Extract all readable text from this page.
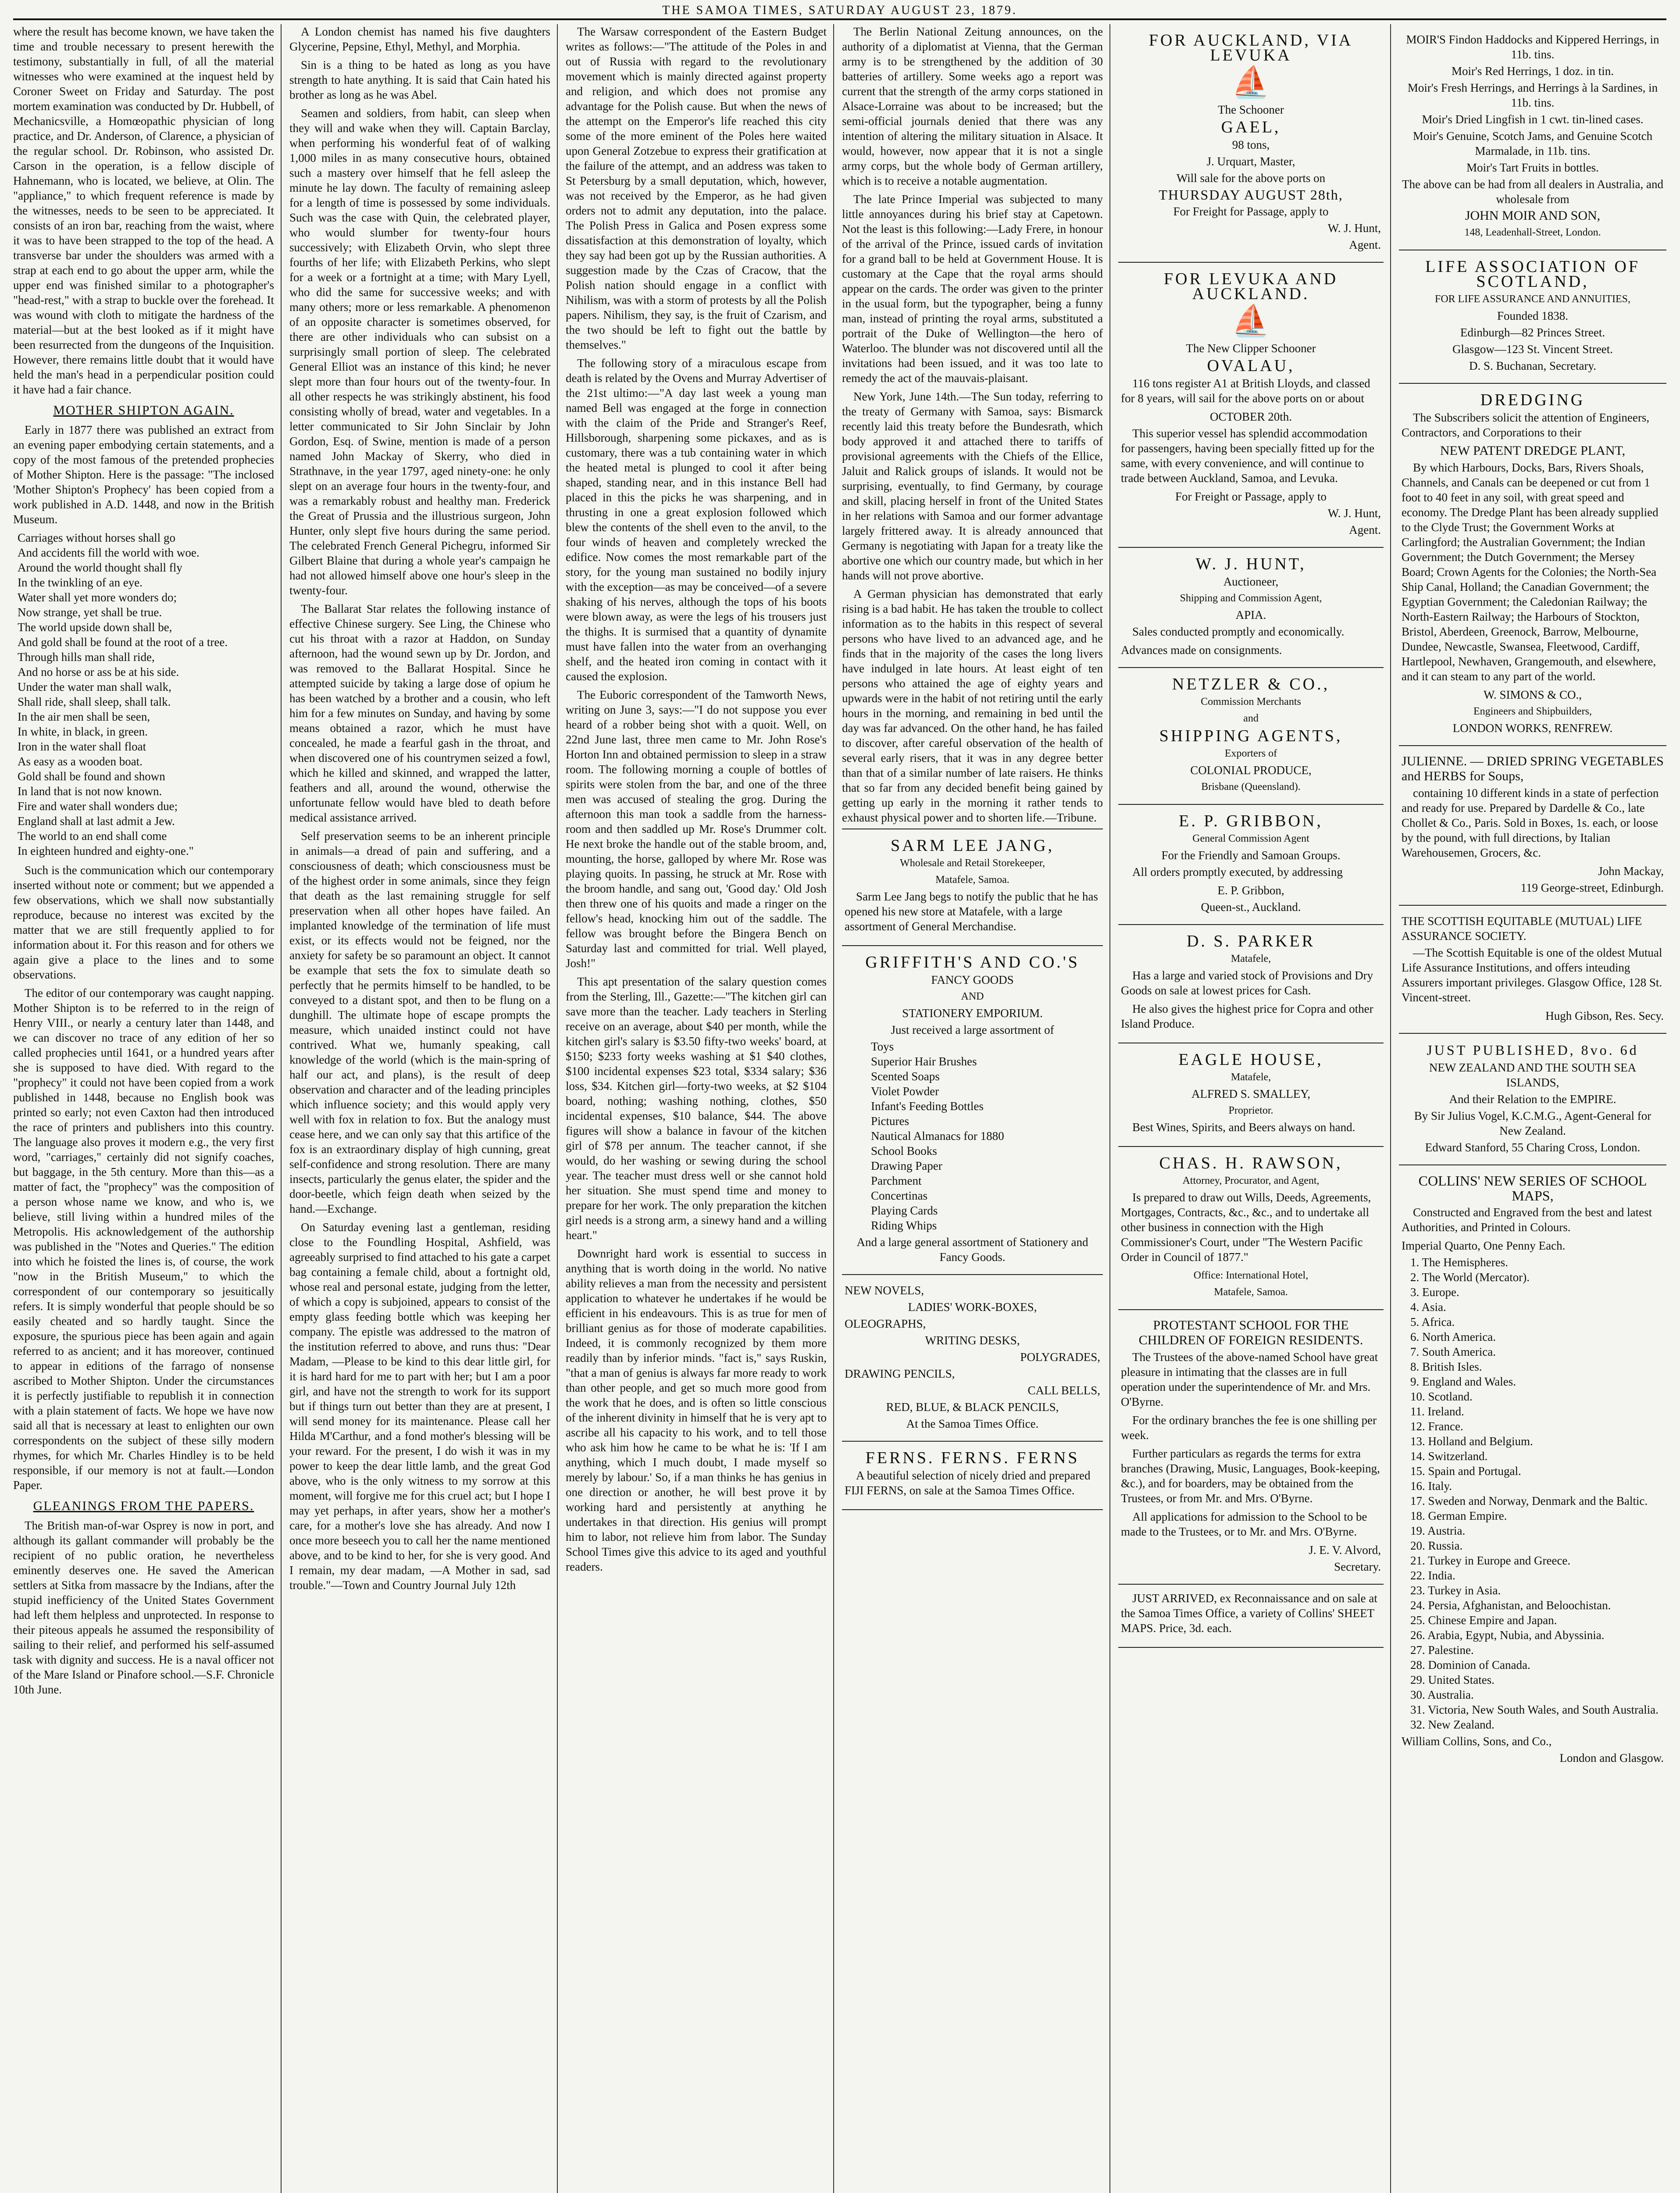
THE SAMOA TIMES, SATURDAY AUGUST 23, 1879.

where the result has become known, we have taken the time and trouble necessary to present herewith the testimony, substantially in full, of all the material witnesses who were examined at the inquest held by Coroner Sweet on Friday and Saturday. The post mortem examination was conducted by Dr. Hubbell, of Mechanicsville, a Homœopathic physician of long practice, and Dr. Anderson, of Clarence, a physician of the regular school. Dr. Robinson, who assisted Dr. Carson in the operation, is a fellow disciple of Hahnemann, who is located, we believe, at Olin. The "appliance," to which frequent reference is made by the witnesses, needs to be seen to be appreciated. It consists of an iron bar, reaching from the waist, where it was to have been strapped to the top of the head. A transverse bar under the shoulders was armed with a strap at each end to go about the upper arm, while the upper end was finished similar to a photographer's "head-rest," with a strap to buckle over the forehead. It was wound with cloth to mitigate the hardness of the material—but at the best looked as if it might have been resurrected from the dungeons of the Inquisition. However, there remains little doubt that it would have held the man's head in a perpendicular position could it have had a fair chance.

MOTHER SHIPTON AGAIN.

Early in 1877 there was published an extract from an evening paper embodying certain statements, and a copy of the most famous of the pretended prophecies of Mother Shipton. Here is the passage: "The inclosed 'Mother Shipton's Prophecy' has been copied from a work published in A.D. 1448, and now in the British Museum.

Carriages without horses shall go
And accidents fill the world with woe.
Around the world thought shall fly
In the twinkling of an eye.
Water shall yet more wonders do;
Now strange, yet shall be true.
The world upside down shall be,
And gold shall be found at the root of a tree.
Through hills man shall ride,
And no horse or ass be at his side.
Under the water man shall walk,
Shall ride, shall sleep, shall talk.
In the air men shall be seen,
In white, in black, in green.
Iron in the water shall float
As easy as a wooden boat.
Gold shall be found and shown
In land that is not now known.
Fire and water shall wonders due;
England shall at last admit a Jew.
The world to an end shall come
In eighteen hundred and eighty-one."

Such is the communication which our contemporary inserted without note or comment; but we appended a few observations, which we shall now substantially reproduce, because no interest was excited by the matter that we are still frequently applied to for information about it. For this reason and for others we again give a place to the lines and to some observations.

The editor of our contemporary was caught napping. Mother Shipton is to be referred to in the reign of Henry VIII., or nearly a century later than 1448, and we can discover no trace of any edition of her so called prophecies until 1641, or a hundred years after she is supposed to have died. With regard to the "prophecy" it could not have been copied from a work published in 1448, because no English book was printed so early; not even Caxton had then introduced the race of printers and publishers into this country. The language also proves it modern e.g., the very first word, "carriages," certainly did not signify coaches, but baggage, in the 5th century. More than this—as a matter of fact, the "prophecy" was the composition of a person whose name we know, and who is, we believe, still living within a hundred miles of the Metropolis. His acknowledgement of the authorship was published in the "Notes and Queries." The edition into which he foisted the lines is, of course, the work "now in the British Museum," to which the correspondent of our contemporary so jesuitically refers. It is simply wonderful that people should be so easily cheated and so hardly taught. Since the exposure, the spurious piece has been again and again referred to as ancient; and it has moreover, continued to appear in editions of the farrago of nonsense ascribed to Mother Shipton. Under the circumstances it is perfectly justifiable to republish it in connection with a plain statement of facts. We hope we have now said all that is necessary at least to enlighten our own correspondents on the subject of these silly modern rhymes, for which Mr. Charles Hindley is to be held responsible, if our memory is not at fault.—London Paper.

GLEANINGS FROM THE PAPERS.

The British man-of-war Osprey is now in port, and although its gallant commander will probably be the recipient of no public oration, he nevertheless eminently deserves one. He saved the American settlers at Sitka from massacre by the Indians, after the stupid inefficiency of the United States Government had left them helpless and unprotected. In response to their piteous appeals he assumed the responsibility of sailing to their relief, and performed his self-assumed task with dignity and success. He is a naval officer not of the Mare Island or Pinafore school.—S.F. Chronicle 10th June.

A London chemist has named his five daughters Glycerine, Pepsine, Ethyl, Methyl, and Morphia.

Sin is a thing to be hated as long as you have strength to hate anything. It is said that Cain hated his brother as long as he was Abel.

Seamen and soldiers, from habit, can sleep when they will and wake when they will. Captain Barclay, when performing his wonderful feat of of walking 1,000 miles in as many consecutive hours, obtained such a mastery over himself that he fell asleep the minute he lay down. The faculty of remaining asleep for a length of time is possessed by some individuals. Such was the case with Quin, the celebrated player, who would slumber for twenty-four hours successively; with Elizabeth Orvin, who slept three fourths of her life; with Elizabeth Perkins, who slept for a week or a fortnight at a time; with Mary Lyell, who did the same for successive weeks; and with many others; more or less remarkable. A phenomenon of an opposite character is sometimes observed, for there are other individuals who can subsist on a surprisingly small portion of sleep. The celebrated General Elliot was an instance of this kind; he never slept more than four hours out of the twenty-four. In all other respects he was strikingly abstinent, his food consisting wholly of bread, water and vegetables. In a letter communicated to Sir John Sinclair by John Gordon, Esq. of Swine, mention is made of a person named John Mackay of Skerry, who died in Strathnave, in the year 1797, aged ninety-one: he only slept on an average four hours in the twenty-four, and was a remarkably robust and healthy man. Frederick the Great of Prussia and the illustrious surgeon, John Hunter, only slept five hours during the same period. The celebrated French General Pichegru, informed Sir Gilbert Blaine that during a whole year's campaign he had not allowed himself above one hour's sleep in the twenty-four.

The Ballarat Star relates the following instance of effective Chinese surgery. See Ling, the Chinese who cut his throat with a razor at Haddon, on Sunday afternoon, had the wound sewn up by Dr. Jordon, and was removed to the Ballarat Hospital. Since he attempted suicide by taking a large dose of opium he has been watched by a brother and a cousin, who left him for a few minutes on Sunday, and having by some means obtained a razor, which he must have concealed, he made a fearful gash in the throat, and when discovered one of his countrymen seized a fowl, which he killed and skinned, and wrapped the latter, feathers and all, around the wound, otherwise the unfortunate fellow would have bled to death before medical assistance arrived.

Self preservation seems to be an inherent principle in animals—a dread of pain and suffering, and a consciousness of death; which consciousness must be of the highest order in some animals, since they feign that death as the last remaining struggle for self preservation when all other hopes have failed. An implanted knowledge of the termination of life must exist, or its effects would not be feigned, nor the anxiety for safety be so paramount an object. It cannot be example that sets the fox to simulate death so perfectly that he permits himself to be handled, to be conveyed to a distant spot, and then to be flung on a dunghill. The ultimate hope of escape prompts the measure, which unaided instinct could not have contrived. What we, humanly speaking, call knowledge of the world (which is the main-spring of half our act, and plans), is the result of deep observation and character and of the leading principles which influence society; and this would apply very well with fox in relation to fox. But the analogy must cease here, and we can only say that this artifice of the fox is an extraordinary display of high cunning, great self-confidence and strong resolution. There are many insects, particularly the genus elater, the spider and the door-beetle, which feign death when seized by the hand.—Exchange.

On Saturday evening last a gentleman, residing close to the Foundling Hospital, Ashfield, was agreeably surprised to find attached to his gate a carpet bag containing a female child, about a fortnight old, whose real and personal estate, judging from the letter, of which a copy is subjoined, appears to consist of the empty glass feeding bottle which was keeping her company. The epistle was addressed to the matron of the institution referred to above, and runs thus: "Dear Madam, —Please to be kind to this dear little girl, for it is hard hard for me to part with her; but I am a poor girl, and have not the strength to work for its support but if things turn out better than they are at present, I will send money for its maintenance. Please call her Hilda M'Carthur, and a fond mother's blessing will be your reward. For the present, I do wish it was in my power to keep the dear little lamb, and the great God above, who is the only witness to my sorrow at this moment, will forgive me for this cruel act; but I hope I may yet perhaps, in after years, show her a mother's care, for a mother's love she has already. And now I once more beseech you to call her the name mentioned above, and to be kind to her, for she is very good. And I remain, my dear madam, —A Mother in sad, sad trouble."—Town and Country Journal July 12th

The Warsaw correspondent of the Eastern Budget writes as follows:—"The attitude of the Poles in and out of Russia with regard to the revolutionary movement which is mainly directed against property and religion, and which does not promise any advantage for the Polish cause. But when the news of the attempt on the Emperor's life reached this city some of the more eminent of the Poles here waited upon General Zotzebue to express their gratification at the failure of the attempt, and an address was taken to St Petersburg by a small deputation, which, however, was not received by the Emperor, as he had given orders not to admit any deputation, into the palace. The Polish Press in Galica and Posen express some dissatisfaction at this demonstration of loyalty, which they say had been got up by the Russian authorities. A suggestion made by the Czas of Cracow, that the Polish nation should engage in a conflict with Nihilism, was with a storm of protests by all the Polish papers. Nihilism, they say, is the fruit of Czarism, and the two should be left to fight out the battle by themselves."

The following story of a miraculous escape from death is related by the Ovens and Murray Advertiser of the 21st ultimo:—"A day last week a young man named Bell was engaged at the forge in connection with the claim of the Pride and Stranger's Reef, Hillsborough, sharpening some pickaxes, and as is customary, there was a tub containing water in which the heated metal is plunged to cool it after being shaped, standing near, and in this instance Bell had placed in this the picks he was sharpening, and in thrusting in one a great explosion followed which blew the contents of the shell even to the anvil, to the four winds of heaven and completely wrecked the edifice. Now comes the most remarkable part of the story, for the young man sustained no bodily injury with the exception—as may be conceived—of a severe shaking of his nerves, although the tops of his boots were blown away, as were the legs of his trousers just the thighs. It is surmised that a quantity of dynamite must have fallen into the water from an overhanging shelf, and the heated iron coming in contact with it caused the explosion.

The Euboric correspondent of the Tamworth News, writing on June 3, says:—"I do not suppose you ever heard of a robber being shot with a quoit. Well, on 22nd June last, three men came to Mr. John Rose's Horton Inn and obtained permission to sleep in a straw room. The following morning a couple of bottles of spirits were stolen from the bar, and one of the three men was accused of stealing the grog. During the afternoon this man took a saddle from the harness-room and then saddled up Mr. Rose's Drummer colt. He next broke the handle out of the stable broom, and, mounting, the horse, galloped by where Mr. Rose was playing quoits. In passing, he struck at Mr. Rose with the broom handle, and sang out, 'Good day.' Old Josh then threw one of his quoits and made a ringer on the fellow's head, knocking him out of the saddle. The fellow was brought before the Bingera Bench on Saturday last and committed for trial. Well played, Josh!"

This apt presentation of the salary question comes from the Sterling, Ill., Gazette:—"The kitchen girl can save more than the teacher. Lady teachers in Sterling receive on an average, about $40 per month, while the kitchen girl's salary is $3.50 fifty-two weeks' board, at $150; $233 forty weeks washing at $1 $40 clothes, $100 incidental expenses $23 total, $334 salary; $36 loss, $34. Kitchen girl—forty-two weeks, at $2 $104 board, nothing; washing nothing, clothes, $50 incidental expenses, $10 balance, $44. The above figures will show a balance in favour of the kitchen girl of $78 per annum. The teacher cannot, if she would, do her washing or sewing during the school year. The teacher must dress well or she cannot hold her situation. She must spend time and money to prepare for her work. The only preparation the kitchen girl needs is a strong arm, a sinewy hand and a willing heart."

Downright hard work is essential to success in anything that is worth doing in the world. No native ability relieves a man from the necessity and persistent application to whatever he undertakes if he would be efficient in his endeavours. This is as true for men of brilliant genius as for those of moderate capabilities. Indeed, it is commonly recognized by them more readily than by inferior minds. "fact is," says Ruskin, "that a man of genius is always far more ready to work than other people, and get so much more good from the work that he does, and is often so little conscious of the inherent divinity in himself that he is very apt to ascribe all his capacity to his work, and to tell those who ask him how he came to be what he is: 'If I am anything, which I much doubt, I made myself so merely by labour.' So, if a man thinks he has genius in one direction or another, he will best prove it by working hard and persistently at anything he undertakes in that direction. His genius will prompt him to labor, not relieve him from labor. The Sunday School Times give this advice to its aged and youthful readers.

The Berlin National Zeitung announces, on the authority of a diplomatist at Vienna, that the German army is to be strengthened by the addition of 30 batteries of artillery. Some weeks ago a report was current that the strength of the army corps stationed in Alsace-Lorraine was about to be increased; but the semi-official journals denied that there was any intention of altering the military situation in Alsace. It would, however, now appear that it is not a single army corps, but the whole body of German artillery, which is to receive a notable augmentation.

The late Prince Imperial was subjected to many little annoyances during his brief stay at Capetown. Not the least is this following:—Lady Frere, in honour of the arrival of the Prince, issued cards of invitation for a grand ball to be held at Government House. It is customary at the Cape that the royal arms should appear on the cards. The order was given to the printer in the usual form, but the typographer, being a funny man, instead of printing the royal arms, substituted a portrait of the Duke of Wellington—the hero of Waterloo. The blunder was not discovered until all the invitations had been issued, and it was too late to remedy the act of the mauvais-plaisant.

New York, June 14th.—The Sun today, referring to the treaty of Germany with Samoa, says: Bismarck recently laid this treaty before the Bundesrath, which body approved it and attached there to tariffs of provisional agreements with the Chiefs of the Ellice, Jaluit and Ralick groups of islands. It would not be surprising, eventually, to find Germany, by courage and skill, placing herself in front of the United States in her relations with Samoa and our former advantage largely frittered away. It is already announced that Germany is negotiating with Japan for a treaty like the abortive one which our country made, but which in her hands will not prove abortive.

A German physician has demonstrated that early rising is a bad habit. He has taken the trouble to collect information as to the habits in this respect of several persons who have lived to an advanced age, and he finds that in the majority of the cases the long livers have indulged in late hours. At least eight of ten persons who attained the age of eighty years and upwards were in the habit of not retiring until the early hours in the morning, and remaining in bed until the day was far advanced. On the other hand, he has failed to discover, after careful observation of the health of several early risers, that it was in any degree better than that of a similar number of late raisers. He thinks that so far from any decided benefit being gained by getting up early in the morning it rather tends to exhaust physical power and to shorten life.—Tribune.

SARM LEE JANG,
Wholesale and Retail Storekeeper,
Matafele, Samoa.

Sarm Lee Jang begs to notify the public that he has opened his new store at Matafele, with a large assortment of General Merchandise.

GRIFFITH'S AND CO.'S
FANCY GOODS
AND
STATIONERY EMPORIUM.
Just received a large assortment of
Toys
Superior Hair Brushes
Scented Soaps
Violet Powder
Infant's Feeding Bottles
Pictures
Nautical Almanacs for 1880
School Books
Drawing Paper
Parchment
Concertinas
Playing Cards
Riding Whips
And a large general assortment of Stationery and Fancy Goods.
NEW NOVELS,
LADIES' WORK-BOXES,
OLEOGRAPHS,
WRITING DESKS,
POLYGRADES,
DRAWING PENCILS,
CALL BELLS,
RED, BLUE, & BLACK PENCILS,
At the Samoa Times Office.
FERNS. FERNS. FERNS

A beautiful selection of nicely dried and prepared FIJI FERNS, on sale at the Samoa Times Office.

FOR AUCKLAND, VIA LEVUKA
⛵
The Schooner
GAEL,
98 tons,
J. Urquart, Master,
Will sale for the above ports on
THURSDAY AUGUST 28th,
For Freight for Passage, apply to
W. J. Hunt,
Agent.
FOR LEVUKA AND AUCKLAND.
⛵
The New Clipper Schooner
OVALAU,

116 tons register A1 at British Lloyds, and classed for 8 years, will sail for the above ports on or about

OCTOBER 20th.

This superior vessel has splendid accommodation for passengers, having been specially fitted up for the same, with every convenience, and will continue to trade between Auckland, Samoa, and Levuka.

For Freight or Passage, apply to
W. J. Hunt,
Agent.
W. J. HUNT,
Auctioneer,
Shipping and Commission Agent,
APIA.

Sales conducted promptly and economically.

Advances made on consignments.
NETZLER & CO.,
Commission Merchants
and
SHIPPING AGENTS,
Exporters of
COLONIAL PRODUCE,
Brisbane (Queensland).
E. P. GRIBBON,
General Commission Agent
For the Friendly and Samoan Groups.

All orders promptly executed, by addressing

E. P. Gribbon,
Queen-st., Auckland.
D. S. PARKER
Matafele,

Has a large and varied stock of Provisions and Dry Goods on sale at lowest prices for Cash.

He also gives the highest price for Copra and other Island Produce.

EAGLE HOUSE,
Matafele,
ALFRED S. SMALLEY,
Proprietor.

Best Wines, Spirits, and Beers always on hand.

CHAS. H. RAWSON,
Attorney, Procurator, and Agent,

Is prepared to draw out Wills, Deeds, Agreements, Mortgages, Contracts, &c., &c., and to undertake all other business in connection with the High Commissioner's Court, under "The Western Pacific Order in Council of 1877."

Office: International Hotel,
Matafele, Samoa.
PROTESTANT SCHOOL FOR THE CHILDREN OF FOREIGN RESIDENTS.

The Trustees of the above-named School have great pleasure in intimating that the classes are in full operation under the superintendence of Mr. and Mrs. O'Byrne.

For the ordinary branches the fee is one shilling per week.

Further particulars as regards the terms for extra branches (Drawing, Music, Languages, Book-keeping, &c.), and for boarders, may be obtained from the Trustees, or from Mr. and Mrs. O'Byrne.

All applications for admission to the School to be made to the Trustees, or to Mr. and Mrs. O'Byrne.

J. E. V. Alvord,
Secretary.

JUST ARRIVED, ex Reconnaissance and on sale at the Samoa Times Office, a variety of Collins' SHEET MAPS. Price, 3d. each.

MOIR'S Findon Haddocks and Kippered Herrings, in 11b. tins.
Moir's Red Herrings, 1 doz. in tin.
Moir's Fresh Herrings, and Herrings à la Sardines, in 11b. tins.
Moir's Dried Lingfish in 1 cwt. tin-lined cases.
Moir's Genuine, Scotch Jams, and Genuine Scotch Marmalade, in 11b. tins.
Moir's Tart Fruits in bottles.
The above can be had from all dealers in Australia, and wholesale from
JOHN MOIR AND SON,
148, Leadenhall-Street, London.
LIFE ASSOCIATION OF SCOTLAND,
FOR LIFE ASSURANCE AND ANNUITIES,
Founded 1838.
Edinburgh—82 Princes Street.
Glasgow—123 St. Vincent Street.
D. S. Buchanan, Secretary.
DREDGING

The Subscribers solicit the attention of Engineers, Contractors, and Corporations to their

NEW PATENT DREDGE PLANT,

By which Harbours, Docks, Bars, Rivers Shoals, Channels, and Canals can be deepened or cut from 1 foot to 40 feet in any soil, with great speed and economy. The Dredge Plant has been already supplied to the Clyde Trust; the Government Works at Carlingford; the Australian Government; the Indian Government; the Dutch Government; the Mersey Board; Crown Agents for the Colonies; the North-Sea Ship Canal, Holland; the Canadian Government; the Egyptian Government; the Caledonian Railway; the North-Eastern Railway; the Harbours of Stockton, Bristol, Aberdeen, Greenock, Barrow, Melbourne, Dundee, Newcastle, Swansea, Fleetwood, Cardiff, Hartlepool, Newhaven, Grangemouth, and elsewhere, and it can steam to any part of the world.

W. SIMONS & CO.,
Engineers and Shipbuilders,
LONDON WORKS, RENFREW.
JULIENNE. — DRIED SPRING VEGETABLES and HERBS for Soups,

containing 10 different kinds in a state of perfection and ready for use. Prepared by Dardelle & Co., late Chollet & Co., Paris. Sold in Boxes, 1s. each, or loose by the pound, with full directions, by Italian Warehousemen, Grocers, &c.

John Mackay,
119 George-street, Edinburgh.
THE SCOTTISH EQUITABLE (MUTUAL) LIFE ASSURANCE SOCIETY.

—The Scottish Equitable is one of the oldest Mutual Life Assurance Institutions, and offers inteuding Assurers important privileges. Glasgow Office, 128 St. Vincent-street.

Hugh Gibson, Res. Secy.
JUST PUBLISHED, 8vo. 6d
NEW ZEALAND AND THE SOUTH SEA ISLANDS,
And their Relation to the EMPIRE.
By Sir Julius Vogel, K.C.M.G., Agent-General for New Zealand.
Edward Stanford, 55 Charing Cross, London.
COLLINS' NEW SERIES OF SCHOOL MAPS,

Constructed and Engraved from the best and latest Authorities, and Printed in Colours.

Imperial Quarto, One Penny Each.
1. The Hemispheres.
2. The World (Mercator).
3. Europe.
4. Asia.
5. Africa.
6. North America.
7. South America.
8. British Isles.
9. England and Wales.
10. Scotland.
11. Ireland.
12. France.
13. Holland and Belgium.
14. Switzerland.
15. Spain and Portugal.
16. Italy.
17. Sweden and Norway, Denmark and the Baltic.
18. German Empire.
19. Austria.
20. Russia.
21. Turkey in Europe and Greece.
22. India.
23. Turkey in Asia.
24. Persia, Afghanistan, and Beloochistan.
25. Chinese Empire and Japan.
26. Arabia, Egypt, Nubia, and Abyssinia.
27. Palestine.
28. Dominion of Canada.
29. United States.
30. Australia.
31. Victoria, New South Wales, and South Australia.
32. New Zealand.
William Collins, Sons, and Co.,
London and Glasgow.
